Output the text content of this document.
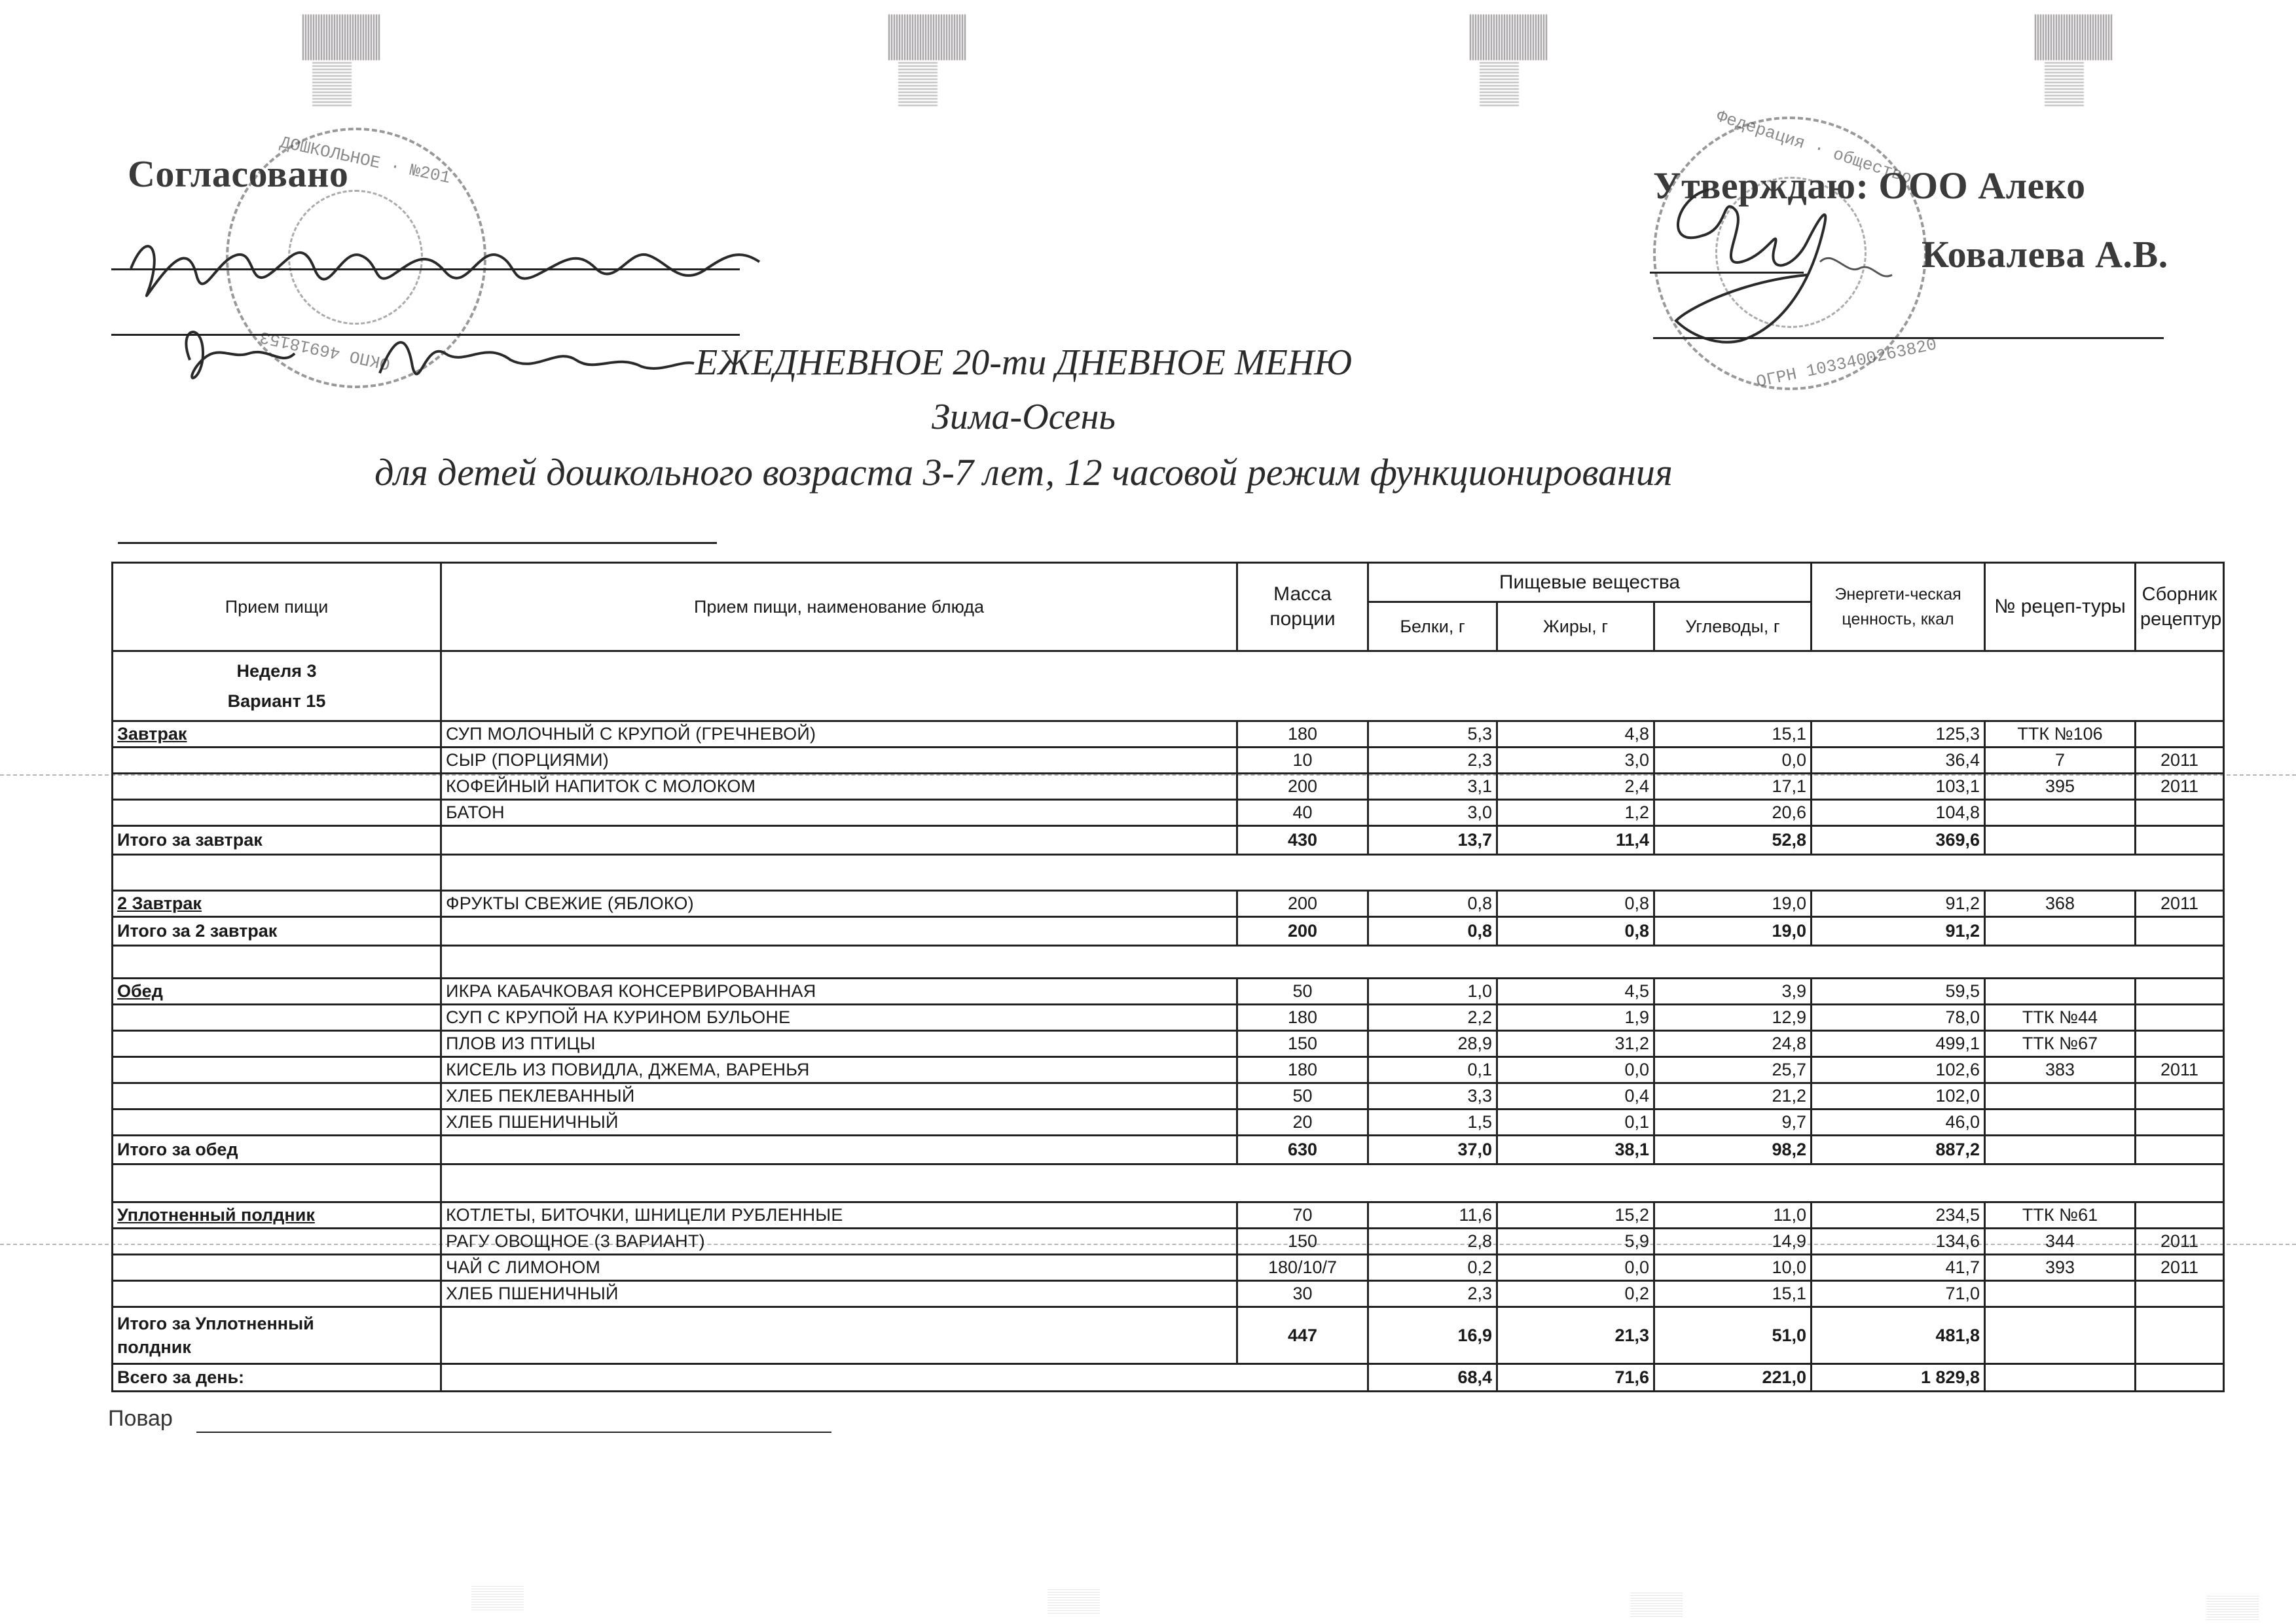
ДОШКОЛЬНОЕ · №201
ОКПО 46918153
Согласовано	Федерация · общество
ОГРН 1033400263820
Утверждаю: ООО Алеко
Ковалева А.В.
ЕЖЕДНЕВНОЕ 20-ти ДНЕВНОЕ МЕНЮ
Зима-Осень
для детей дошкольного возраста 3-7 лет, 12 часовой режим функционирования
Прием пищи	Прием пищи, наименование блюда	Масса порции	Пищевые вещества			Энергети-ческая ценность, ккал	№ рецеп-туры	Сборник рецептур
			Белки, г	Жиры, г	Углеводы, г			

Неделя 3
Вариант 15								

Завтрак	СУП МОЛОЧНЫЙ С КРУПОЙ (ГРЕЧНЕВОЙ)	180	5,3	4,8	15,1	125,3	ТТК №106	
	СЫР (ПОРЦИЯМИ)	10	2,3	3,0	0,0	36,4	7	2011
	КОФЕЙНЫЙ НАПИТОК С МОЛОКОМ	200	3,1	2,4	17,1	103,1	395	2011
	БАТОН	40	3,0	1,2	20,6	104,8		
Итого за завтрак		430	13,7	11,4	52,8	369,6		

2 Завтрак	ФРУКТЫ СВЕЖИЕ (ЯБЛОКО)	200	0,8	0,8	19,0	91,2	368	2011
Итого за 2 завтрак		200	0,8	0,8	19,0	91,2		

Обед	ИКРА КАБАЧКОВАЯ КОНСЕРВИРОВАННАЯ	50	1,0	4,5	3,9	59,5		
	СУП С КРУПОЙ НА КУРИНОМ БУЛЬОНЕ	180	2,2	1,9	12,9	78,0	ТТК №44	
	ПЛОВ ИЗ ПТИЦЫ	150	28,9	31,2	24,8	499,1	ТТК №67	
	КИСЕЛЬ ИЗ ПОВИДЛА, ДЖЕМА, ВАРЕНЬЯ	180	0,1	0,0	25,7	102,6	383	2011
	ХЛЕБ ПЕКЛЕВАННЫЙ	50	3,3	0,4	21,2	102,0		
	ХЛЕБ ПШЕНИЧНЫЙ	20	1,5	0,1	9,7	46,0		
Итого за обед		630	37,0	38,1	98,2	887,2		

Уплотненный полдник	КОТЛЕТЫ, БИТОЧКИ, ШНИЦЕЛИ РУБЛЕННЫЕ	70	11,6	15,2	11,0	234,5	ТТК №61	
	РАГУ ОВОЩНОЕ (3 ВАРИАНТ)	150	2,8	5,9	14,9	134,6	344	2011
	ЧАЙ С ЛИМОНОМ	180/10/7	0,2	0,0	10,0	41,7	393	2011
	ХЛЕБ ПШЕНИЧНЫЙ	30	2,3	0,2	15,1	71,0		

Итого за Уплотненный
полдник		447	16,9	21,3	51,0	481,8		
Всего за день:			68,4	71,6	221,0	1 829,8		
Повар
